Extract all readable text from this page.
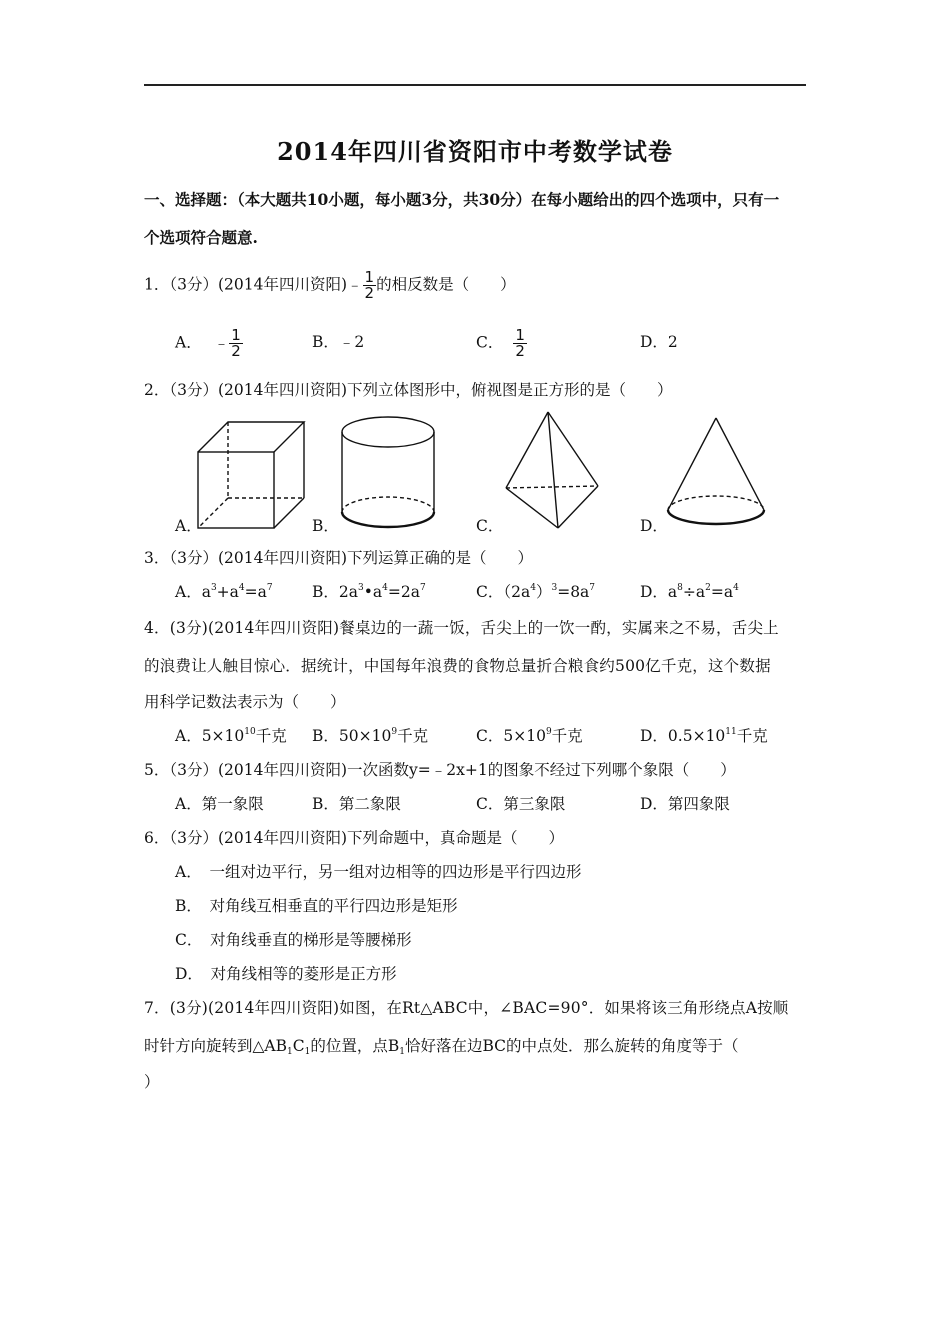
2014年四川省资阳市中考数学试卷
一、选择题：（本大题共10小题，每小题3分，共30分）在每小题给出的四个选项中，只有一
个选项符合题意.
1．（3分）(2014年四川资阳)﹣ $\frac{1}{2}$ 的相反数是（　　）
A． ﹣ $\frac{1}{2}$	B．﹣2	C． $\frac{1}{2}$	D．2
2．（3分）(2014年四川资阳)下列立体图形中，俯视图是正方形的是（　　）
A．	B．	C．	D．
3．（3分）(2014年四川资阳)下列运算正确的是（　　）
A．$a^3+a^4=a^7$	B．$2a^3•a^4=2a^7$	C．$(2a^4)^3=8a^7$	D．$a^8\div a^2=a^4$
4．(3分)(2014年四川资阳)餐桌边的一蔬一饭，舌尖上的一饮一酌，实属来之不易，舌尖上
的浪费让人触目惊心．据统计，中国每年浪费的食物总量折合粮食约500亿千克，这个数据
用科学记数法表示为（　　）
A．$5\times 10^{10}$千克 B．$50\times 10^9$千克	C．$5\times 10^9$千克	D．$0.5\times 10^{11}$千克
5．（3分）(2014年四川资阳)一次函数y=﹣2x+1的图象不经过下列哪个象限（　　）
A．第一象限	B．第二象限	C．第三象限	D．第四象限
6．（3分）(2014年四川资阳)下列命题中，真命题是（　　）
A．　一组对边平行，另一组对边相等的四边形是平行四边形
B．　对角线互相垂直的平行四边形是矩形
C．　对角线垂直的梯形是等腰梯形
D．　对角线相等的菱形是正方形
7．(3分)(2014年四川资阳)如图，在Rt△ABC中，∠BAC=90°．如果将该三角形绕点A按顺
时针方向旋转到$\triangle AB_1C_1$的位置，点$B_1$恰好落在边BC的中点处．那么旋转的角度等于（
）
